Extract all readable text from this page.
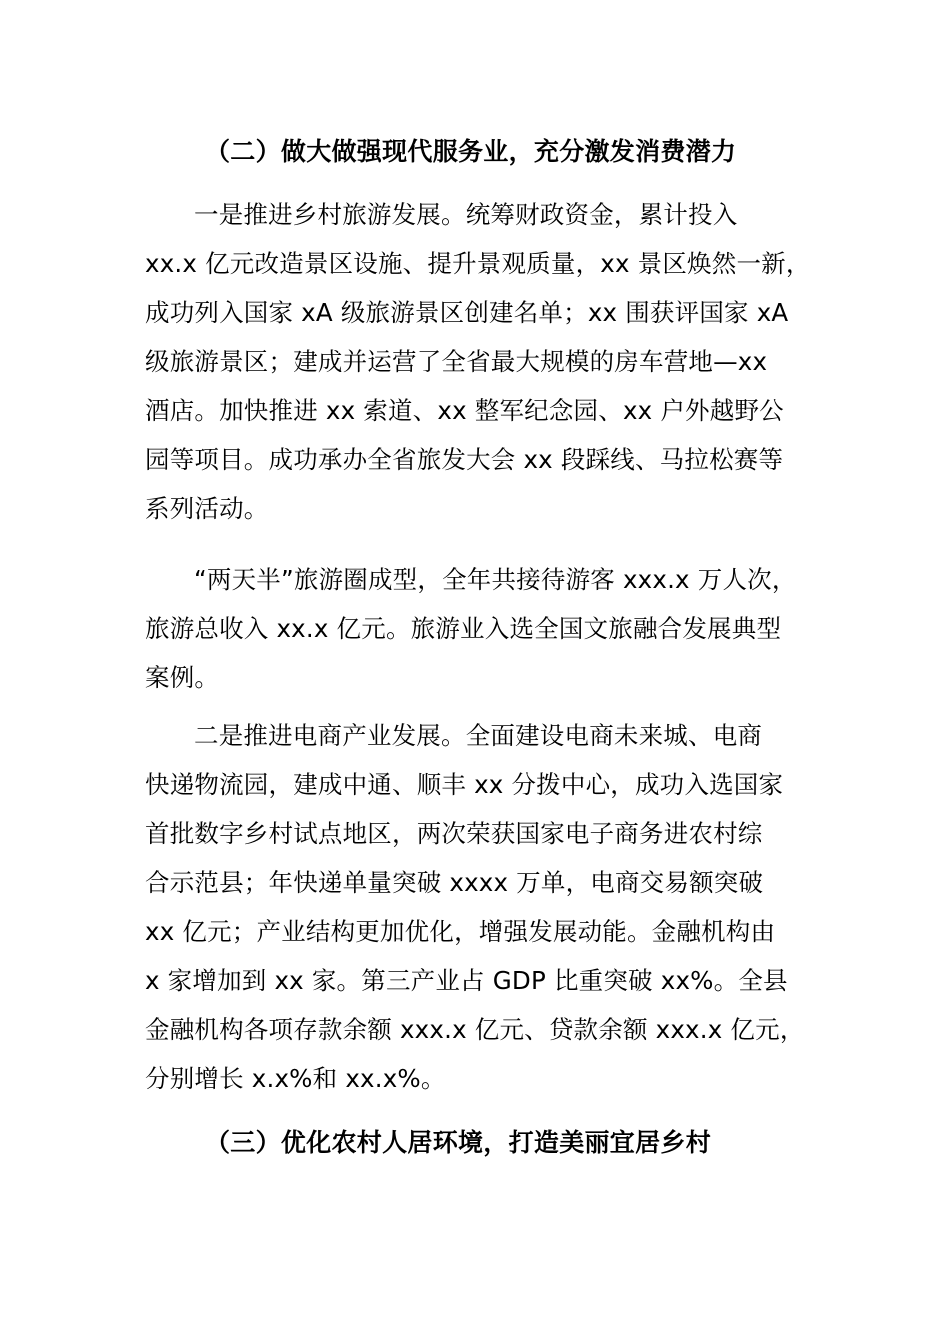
（二）做大做强现代服务业，充分激发消费潜力
一是推进乡村旅游发展。统筹财政资金，累计投入
xx.x 亿元改造景区设施、提升景观质量，xx 景区焕然一新，
成功列入国家 xA 级旅游景区创建名单；xx 围获评国家 xA
级旅游景区；建成并运营了全省最大规模的房车营地—xx
酒店。加快推进 xx 索道、xx 整军纪念园、xx 户外越野公
园等项目。成功承办全省旅发大会 xx 段踩线、马拉松赛等
系列活动。
“两天半”旅游圈成型，全年共接待游客 xxx.x 万人次，
旅游总收入 xx.x 亿元。旅游业入选全国文旅融合发展典型
案例。
二是推进电商产业发展。全面建设电商未来城、电商
快递物流园，建成中通、顺丰 xx 分拨中心，成功入选国家
首批数字乡村试点地区，两次荣获国家电子商务进农村综
合示范县；年快递单量突破 xxxx 万单，电商交易额突破
xx 亿元；产业结构更加优化，增强发展动能。金融机构由
x 家增加到 xx 家。第三产业占 GDP 比重突破 xx%。全县
金融机构各项存款余额 xxx.x 亿元、贷款余额 xxx.x 亿元，
分别增长 x.x%和 xx.x%。
（三）优化农村人居环境，打造美丽宜居乡村
